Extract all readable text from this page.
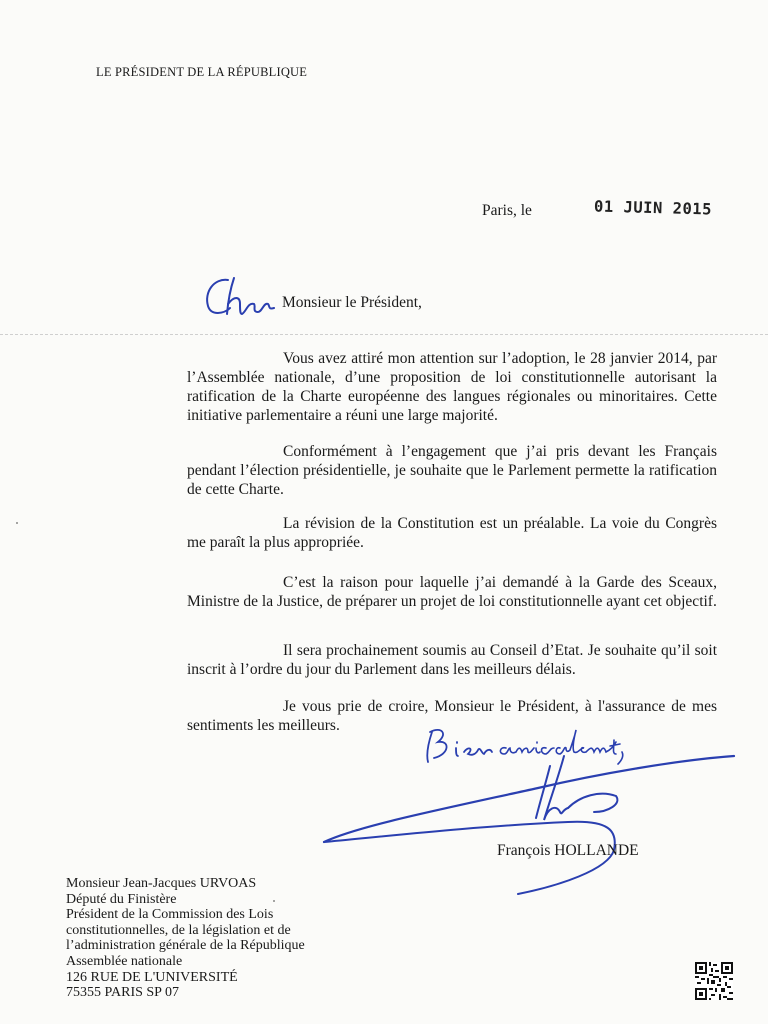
LE PRÉSIDENT DE LA RÉPUBLIQUE
Paris, le	01 JUIN 2015
Monsieur le Président,
Vous avez attiré mon attention sur l’adoption, le 28 janvier 2014, par l’Assemblée nationale, d’une proposition de loi constitutionnelle autorisant la ratification de la Charte européenne des langues régionales ou minoritaires. Cette initiative parlementaire a réuni une large majorité.
Conformément à l’engagement que j’ai pris devant les Français pendant l’élection présidentielle, je souhaite que le Parlement permette la ratification de cette Charte.
La révision de la Constitution est un préalable. La voie du Congrès me paraît la plus appropriée.
C’est la raison pour laquelle j’ai demandé à la Garde des Sceaux, Ministre de la Justice, de préparer un projet de loi constitutionnelle ayant cet objectif.
Il sera prochainement soumis au Conseil d’Etat. Je souhaite qu’il soit inscrit à l’ordre du jour du Parlement dans les meilleurs délais.
Je vous prie de croire, Monsieur le Président, à l'assurance de mes sentiments les meilleurs.
François HOLLANDE
Monsieur Jean-Jacques URVOAS
Député du Finistère
Président de la Commission des Lois
constitutionnelles, de la législation et de
l’administration générale de la République
Assemblée nationale
126 RUE DE L'UNIVERSITÉ
75355 PARIS SP 07
